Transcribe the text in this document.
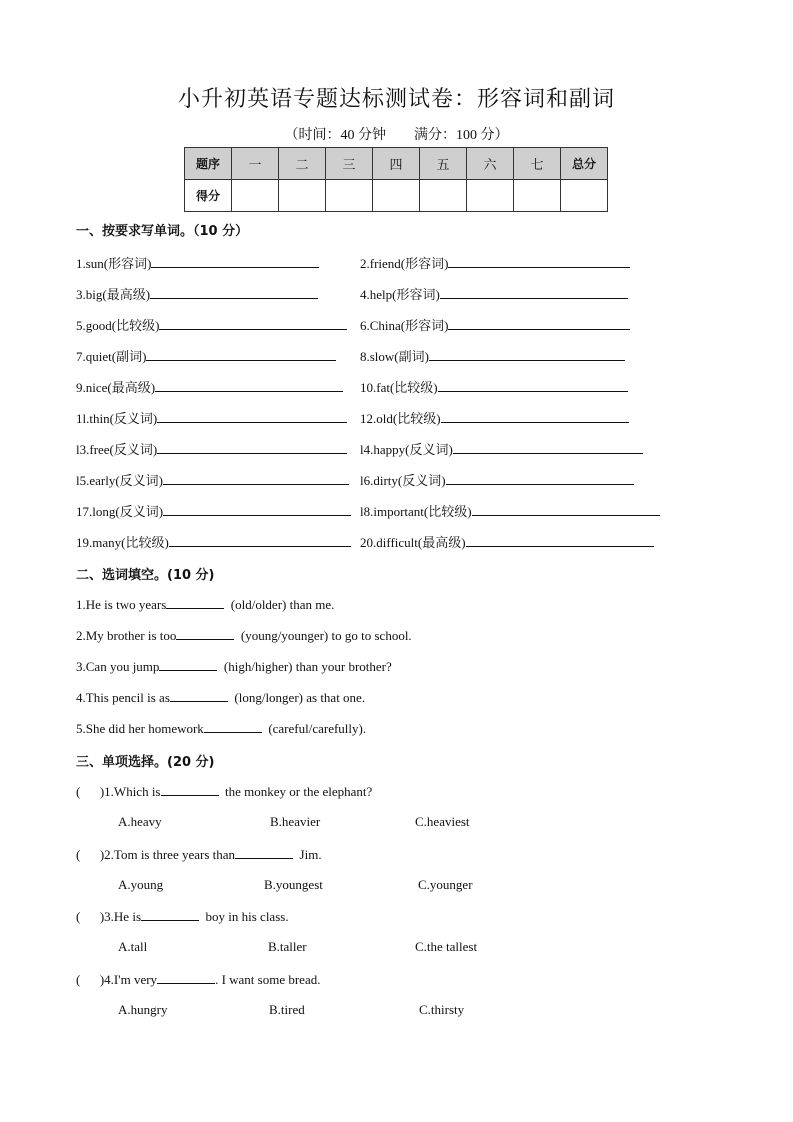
小升初英语专题达标测试卷：形容词和副词
（时间：40 分钟        满分：100 分）
题序	一	二	三	四	五	六	七	总分
得分								
一、按要求写单词。（10 分）
1.sun(形容词)	2.friend(形容词)
3.big(最高级)	4.help(形容词)
5.good(比较级)	6.China(形容词)
7.quiet(副词)	8.slow(副词)
9.nice(最高级)	10.fat(比较级)
1l.thin(反义词)	12.old(比较级)
l3.free(反义词)	l4.happy(反义词)
l5.early(反义词)	l6.dirty(反义词)
17.long(反义词)	l8.important(比较级)
19.many(比较级)	20.difficult(最高级)
二、选词填空。(10 分)
1.He is two years	(old/older) than me.
2.My brother is too	(young/younger) to go to school.
3.Can you jump	(high/higher) than your brother?
4.This pencil is as	(long/longer) as that one.
5.She did her homework	(careful/carefully).
三、单项选择。(20 分)
(      )1.Which is	the monkey or the elephant?
A.heavy	B.heavier	C.heaviest
(      )2.Tom is three years than	Jim.
A.young	B.youngest	C.younger
(      )3.He is	boy in his class.
A.tall	B.taller	C.the tallest
(      )4.I'm very	. I want some bread.
A.hungry	B.tired	C.thirsty
